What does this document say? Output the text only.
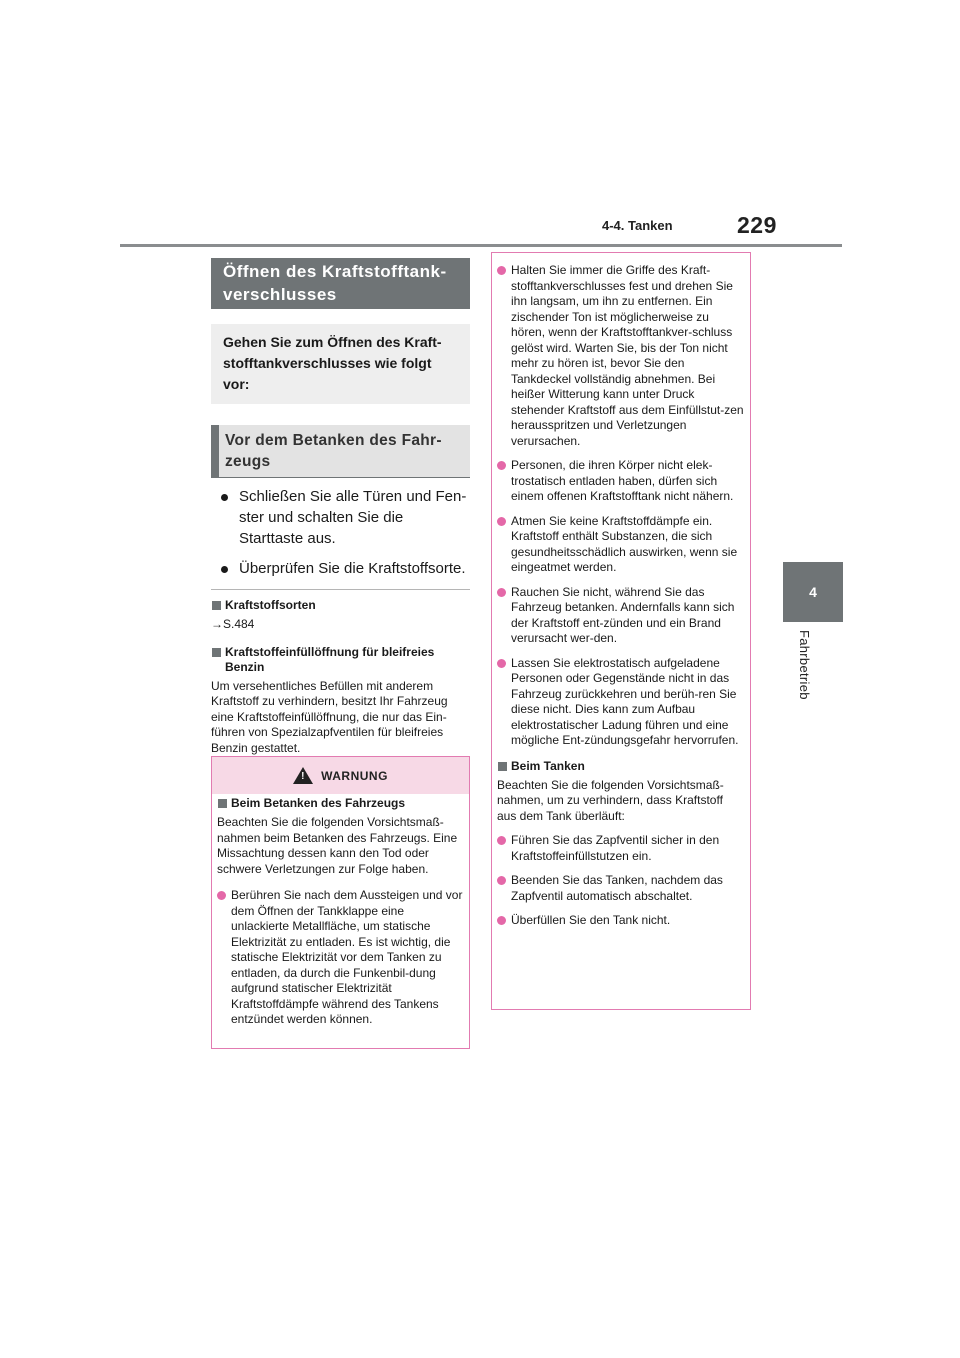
4-4. Tanken	229
4
Fahrbetrieb
Öffnen des Kraftstofftank-verschlusses
Gehen Sie zum Öffnen des Kraft-stofftankverschlusses wie folgt vor:
Vor dem Betanken des Fahr-zeugs
Schließen Sie alle Türen und Fen-ster und schalten Sie die Starttaste aus.
Überprüfen Sie die Kraftstoffsorte.
Kraftstoffsorten
→S.484
Kraftstoffeinfüllöffnung für bleifreies Benzin
Um versehentliches Befüllen mit anderem Kraftstoff zu verhindern, besitzt Ihr Fahrzeug eine Kraftstoffeinfüllöffnung, die nur das Ein-führen von Spezialzapfventilen für bleifreies Benzin gestattet.
! WARNUNG
Beim Betanken des Fahrzeugs
Beachten Sie die folgenden Vorsichtsmaß-nahmen beim Betanken des Fahrzeugs. Eine Missachtung dessen kann den Tod oder schwere Verletzungen zur Folge haben.
Berühren Sie nach dem Aussteigen und vor dem Öffnen der Tankklappe eine unlackierte Metallfläche, um statische Elektrizität zu entladen. Es ist wichtig, die statische Elektrizität vor dem Tanken zu entladen, da durch die Funkenbil-dung aufgrund statischer Elektrizität Kraftstoffdämpfe während des Tankens entzündet werden können.
Halten Sie immer die Griffe des Kraft-stofftankverschlusses fest und drehen Sie ihn langsam, um ihn zu entfernen. Ein zischender Ton ist möglicherweise zu hören, wenn der Kraftstofftankver-schluss gelöst wird. Warten Sie, bis der Ton nicht mehr zu hören ist, bevor Sie den Tankdeckel vollständig abnehmen. Bei heißer Witterung kann unter Druck stehender Kraftstoff aus dem Einfüllstut-zen herausspritzen und Verletzungen verursachen.
Personen, die ihren Körper nicht elek-trostatisch entladen haben, dürfen sich einem offenen Kraftstofftank nicht nähern.
Atmen Sie keine Kraftstoffdämpfe ein. Kraftstoff enthält Substanzen, die sich gesundheitsschädlich auswirken, wenn sie eingeatmet werden.
Rauchen Sie nicht, während Sie das Fahrzeug betanken. Andernfalls kann sich der Kraftstoff ent-zünden und ein Brand verursacht wer-den.
Lassen Sie elektrostatisch aufgeladene Personen oder Gegenstände nicht in das Fahrzeug zurückkehren und berüh-ren Sie diese nicht. Dies kann zum Aufbau elektrostatischer Ladung führen und eine mögliche Ent-zündungsgefahr hervorrufen.
Beim Tanken
Beachten Sie die folgenden Vorsichtsmaß-nahmen, um zu verhindern, dass Kraftstoff aus dem Tank überläuft:
Führen Sie das Zapfventil sicher in den Kraftstoffeinfüllstutzen ein.
Beenden Sie das Tanken, nachdem das Zapfventil automatisch abschaltet.
Überfüllen Sie den Tank nicht.
